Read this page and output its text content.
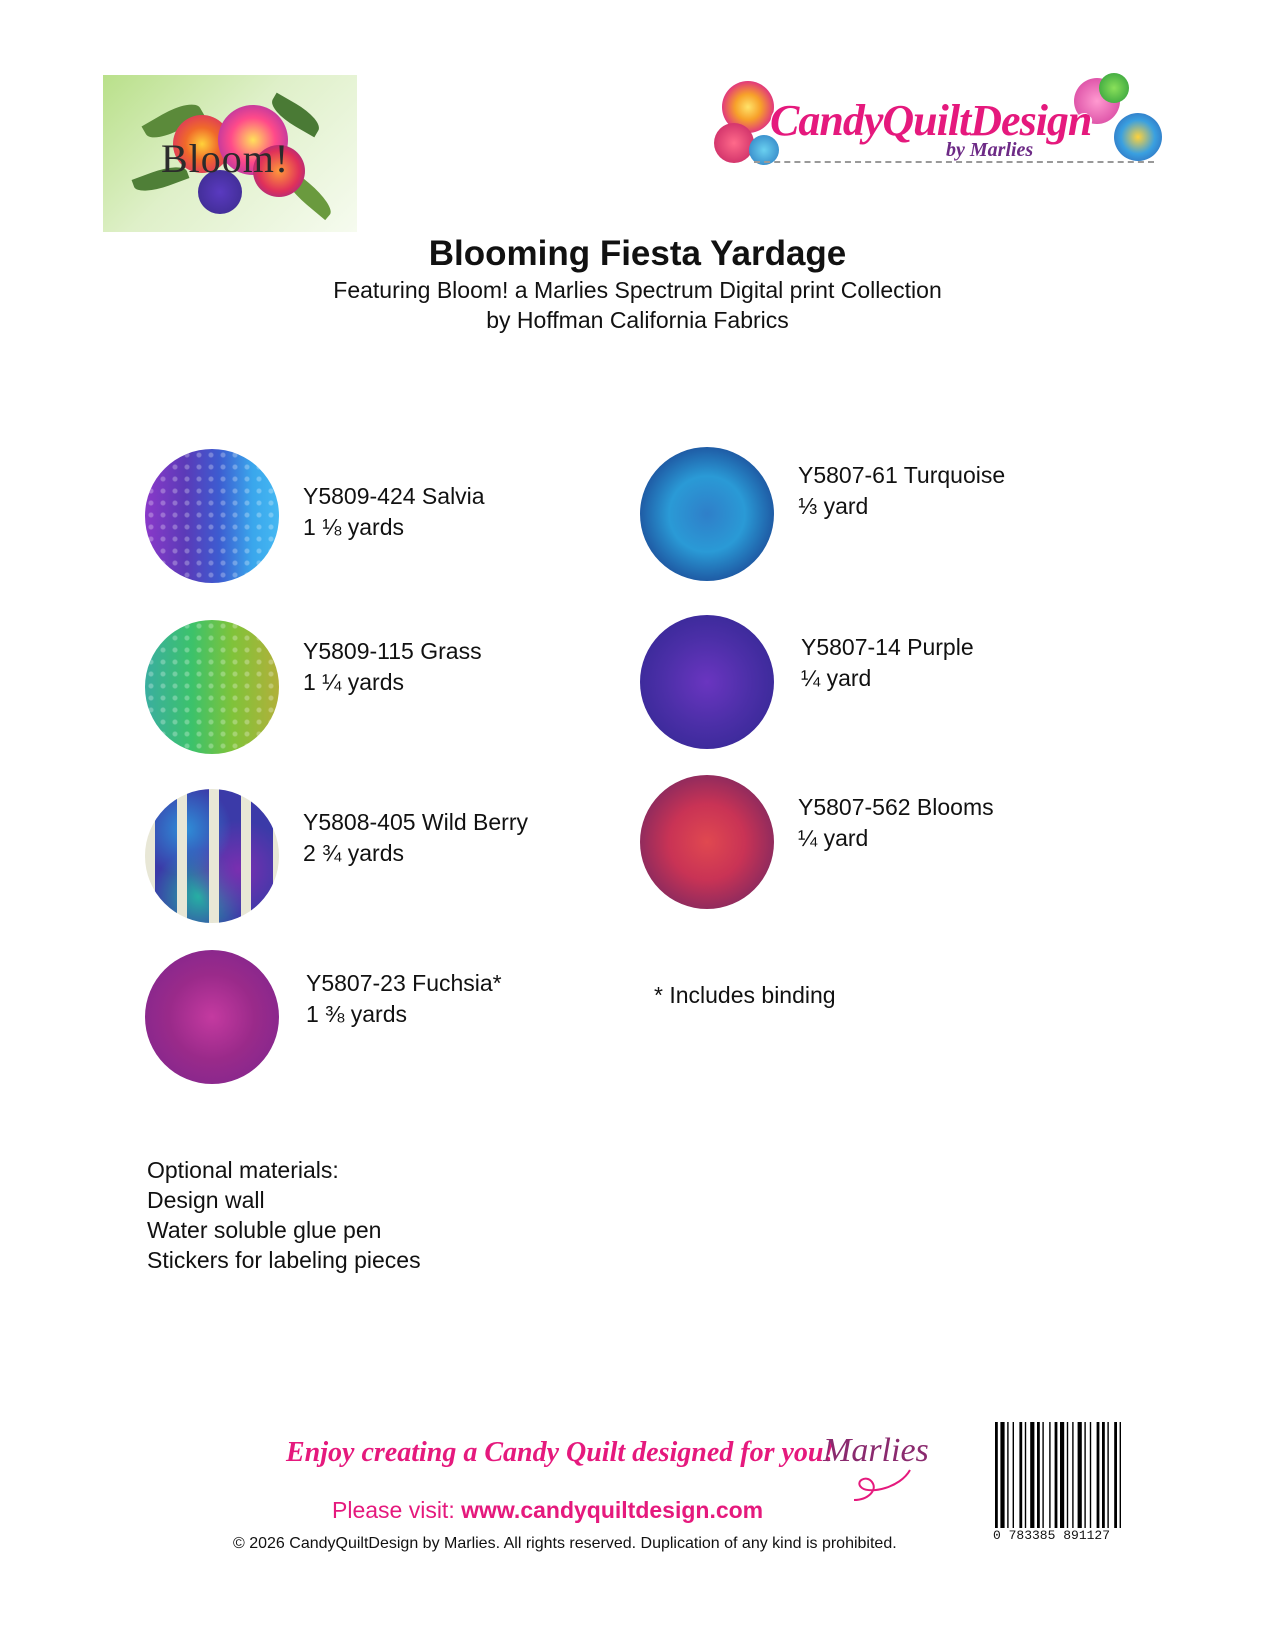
Bloom!
CandyQuiltDesign
by Marlies
Blooming Fiesta Yardage
Featuring Bloom! a Marlies Spectrum Digital print Collection
by Hoffman California Fabrics
Y5809-424 Salvia
1 ⅛ yards
Y5809-115 Grass
1 ¼ yards
Y5808-405 Wild Berry
2 ¾ yards
Y5807-23 Fuchsia*
1 ⅜ yards
Y5807-61 Turquoise
⅓ yard
Y5807-14 Purple
¼ yard
Y5807-562 Blooms
¼ yard
* Includes binding
Optional materials:
Design wall
Water soluble glue pen
Stickers for labeling pieces
Enjoy creating a Candy Quilt designed for you!
Marlies
Please visit: www.candyquiltdesign.com
© 2026 CandyQuiltDesign by Marlies. All rights reserved. Duplication of any kind is prohibited.	0 783385 891127
